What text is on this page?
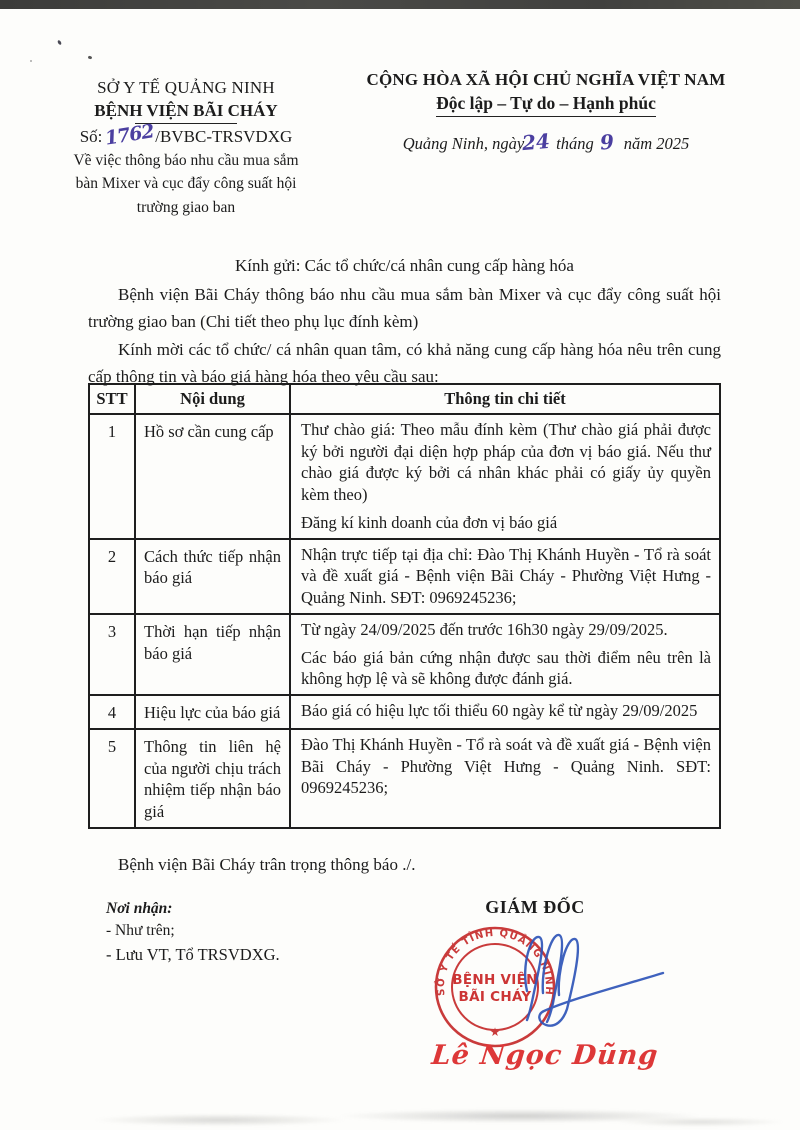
SỞ Y TẾ QUẢNG NINH
BỆNH VIỆN BÃI CHÁY
Số:1762/BVBC-TRSVDXG
Về việc thông báo nhu cầu mua sắm bàn Mixer và cục đẩy công suất hội trường giao ban
CỘNG HÒA XÃ HỘI CHỦ NGHĨA VIỆT NAM
Độc lập – Tự do – Hạnh phúc
Quảng Ninh, ngày24 tháng 9 năm 2025

Kính gửi: Các tổ chức/cá nhân cung cấp hàng hóa

Bệnh viện Bãi Cháy thông báo nhu cầu mua sắm bàn Mixer và cục đẩy công suất hội trường giao ban (Chi tiết theo phụ lục đính kèm)

Kính mời các tổ chức/ cá nhân quan tâm, có khả năng cung cấp hàng hóa nêu trên cung cấp thông tin và báo giá hàng hóa theo yêu cầu sau:

STT	Nội dung	Thông tin chi tiết
1	Hồ sơ cần cung cấp	Thư chào giá: Theo mẫu đính kèm (Thư chào giá phải được ký bởi người đại diện hợp pháp của đơn vị báo giá. Nếu thư chào giá được ký bởi cá nhân khác phải có giấy ủy quyền kèm theo)

Đăng kí kinh doanh của đơn vị báo giá

2	Cách thức tiếp nhận báo giá	Nhận trực tiếp tại địa chỉ: Đào Thị Khánh Huyền - Tổ rà soát và đề xuất giá - Bệnh viện Bãi Cháy - Phường Việt Hưng - Quảng Ninh. SĐT: 0969245236;

3	Thời hạn tiếp nhận báo giá	Từ ngày 24/09/2025 đến trước 16h30 ngày 29/09/2025.

Các báo giá bản cứng nhận được sau thời điểm nêu trên là không hợp lệ và sẽ không được đánh giá.

4	Hiệu lực của báo giá	Báo giá có hiệu lực tối thiểu 60 ngày kể từ ngày 29/09/2025

5	Thông tin liên hệ của người chịu trách nhiệm tiếp nhận báo giá	Đào Thị Khánh Huyền - Tổ rà soát và đề xuất giá - Bệnh viện Bãi Cháy - Phường Việt Hưng - Quảng Ninh. SĐT: 0969245236;

Bệnh viện Bãi Cháy trân trọng thông báo ./.

Nơi nhận:
- Như trên;
- Lưu VT, Tổ TRSVDXG.
GIÁM ĐỐC
SỞ Y TẾ TỈNH QUẢNG NINH
BỆNH VIỆN
BÃI CHÁY
★
Lê Ngọc Dũng
